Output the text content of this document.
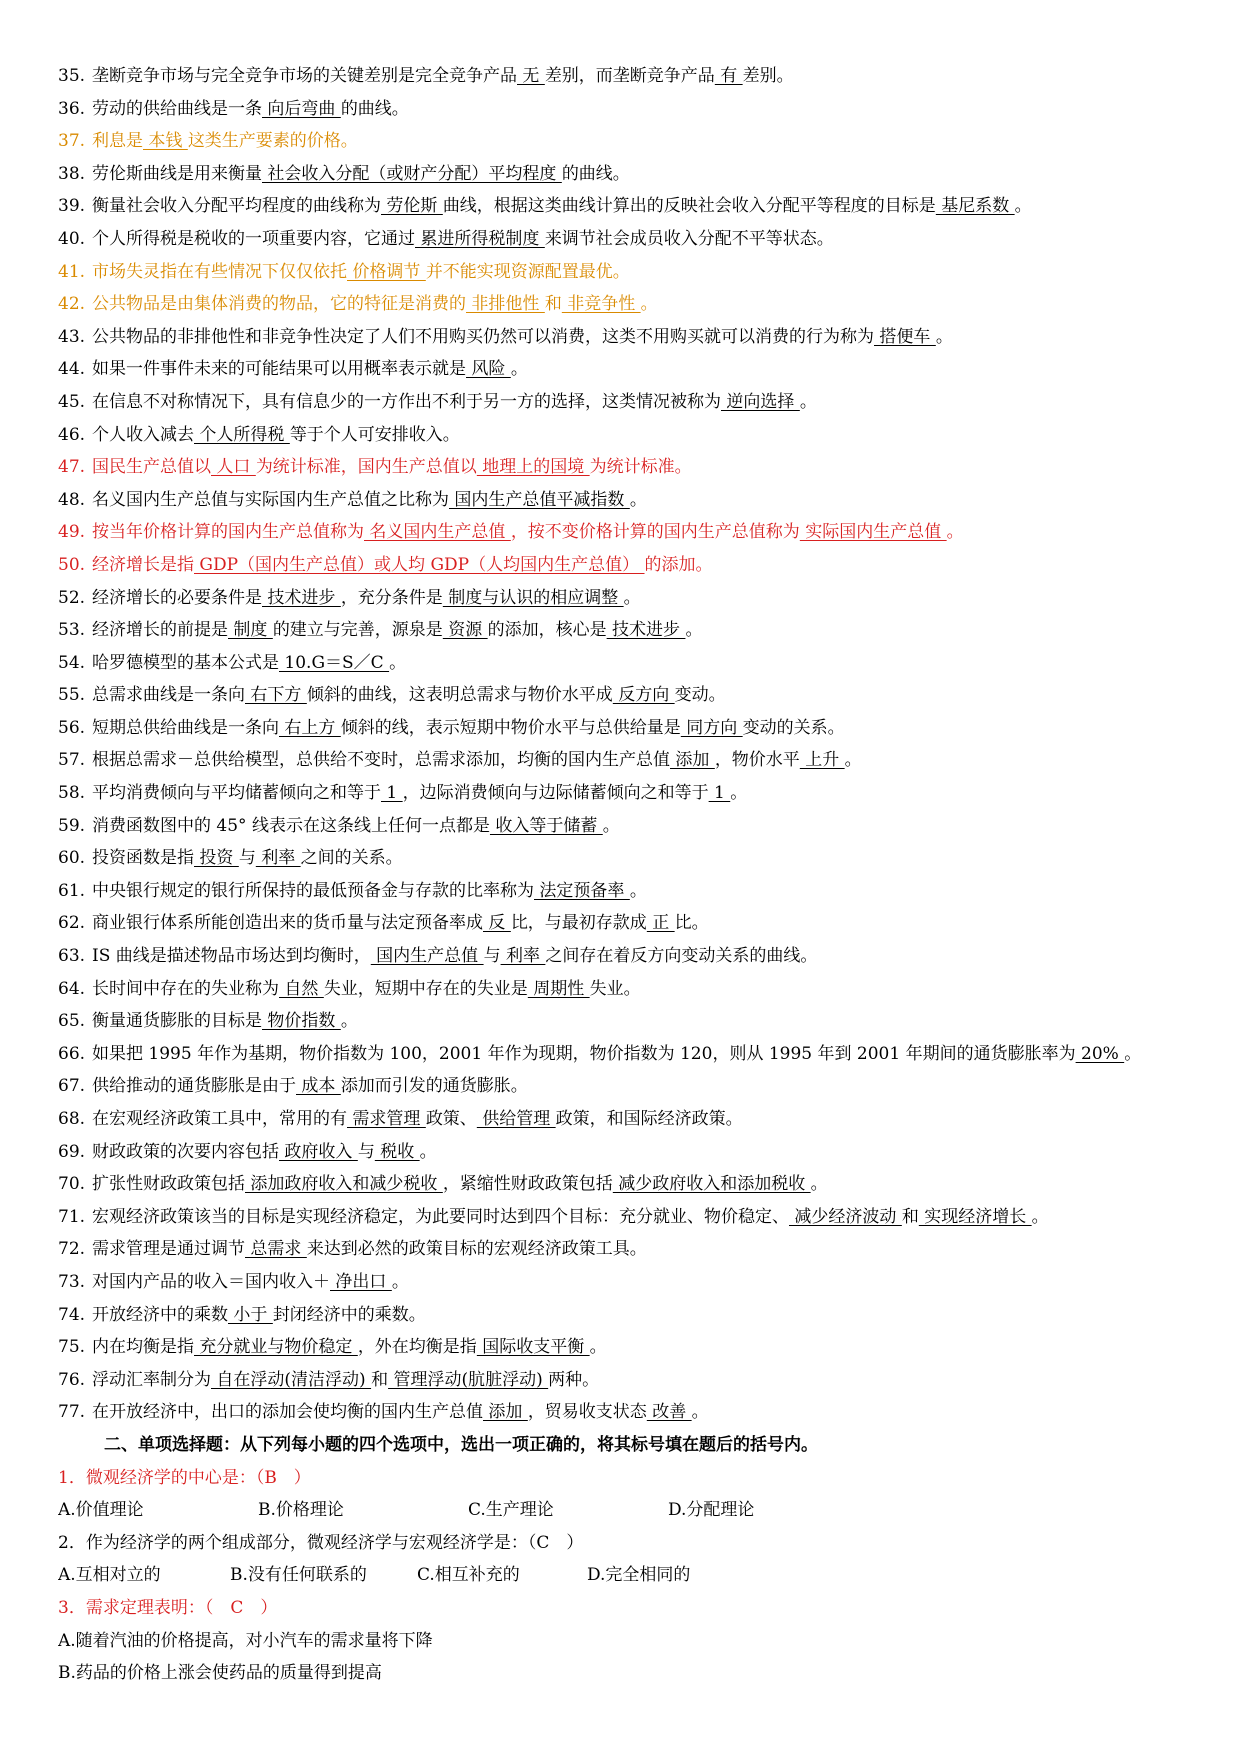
35. 垄断竞争市场与完全竞争市场的关键差别是完全竞争产品 无 差别，而垄断竞争产品 有 差别。
36. 劳动的供给曲线是一条 向后弯曲 的曲线。
37. 利息是 本钱 这类生产要素的价格。
38. 劳伦斯曲线是用来衡量 社会收入分配（或财产分配）平均程度 的曲线。
39. 衡量社会收入分配平均程度的曲线称为 劳伦斯 曲线，根据这类曲线计算出的反映社会收入分配平等程度的目标是 基尼系数 。
40. 个人所得税是税收的一项重要内容，它通过 累进所得税制度 来调节社会成员收入分配不平等状态。
41. 市场失灵指在有些情况下仅仅依托 价格调节 并不能实现资源配置最优。
42. 公共物品是由集体消费的物品，它的特征是消费的 非排他性 和 非竞争性 。
43. 公共物品的非排他性和非竞争性决定了人们不用购买仍然可以消费，这类不用购买就可以消费的行为称为 搭便车 。
44. 如果一件事件未来的可能结果可以用概率表示就是 风险 。
45. 在信息不对称情况下，具有信息少的一方作出不利于另一方的选择，这类情况被称为 逆向选择 。
46. 个人收入减去 个人所得税 等于个人可安排收入。
47. 国民生产总值以 人口 为统计标准，国内生产总值以 地理上的国境 为统计标准。
48. 名义国内生产总值与实际国内生产总值之比称为 国内生产总值平减指数 。
49. 按当年价格计算的国内生产总值称为 名义国内生产总值 ，按不变价格计算的国内生产总值称为 实际国内生产总值 。
50. 经济增长是指 GDP（国内生产总值）或人均 GDP（人均国内生产总值） 的添加。
52. 经济增长的必要条件是 技术进步 ，充分条件是 制度与认识的相应调整 。
53. 经济增长的前提是 制度 的建立与完善，源泉是 资源 的添加，核心是 技术进步 。
54. 哈罗德模型的基本公式是 10.G＝S／C 。
55. 总需求曲线是一条向 右下方 倾斜的曲线，这表明总需求与物价水平成 反方向 变动。
56. 短期总供给曲线是一条向 右上方 倾斜的线，表示短期中物价水平与总供给量是 同方向 变动的关系。
57. 根据总需求－总供给模型，总供给不变时，总需求添加，均衡的国内生产总值 添加 ，物价水平 上升 。
58. 平均消费倾向与平均储蓄倾向之和等于 1 ，边际消费倾向与边际储蓄倾向之和等于 1 。
59. 消费函数图中的 45° 线表示在这条线上任何一点都是 收入等于储蓄 。
60. 投资函数是指 投资 与 利率 之间的关系。
61. 中央银行规定的银行所保持的最低预备金与存款的比率称为 法定预备率 。
62. 商业银行体系所能创造出来的货币量与法定预备率成 反 比，与最初存款成 正 比。
63. IS 曲线是描述物品市场达到均衡时， 国内生产总值 与 利率 之间存在着反方向变动关系的曲线。
64. 长时间中存在的失业称为 自然 失业，短期中存在的失业是 周期性 失业。
65. 衡量通货膨胀的目标是 物价指数 。
66. 如果把 1995 年作为基期，物价指数为 100，2001 年作为现期，物价指数为 120，则从 1995 年到 2001 年期间的通货膨胀率为 20% 。
67. 供给推动的通货膨胀是由于 成本 添加而引发的通货膨胀。
68. 在宏观经济政策工具中，常用的有 需求管理 政策、 供给管理 政策，和国际经济政策。
69. 财政政策的次要内容包括 政府收入 与 税收 。
70. 扩张性财政政策包括 添加政府收入和减少税收 ，紧缩性财政政策包括 减少政府收入和添加税收 。
71. 宏观经济政策该当的目标是实现经济稳定，为此要同时达到四个目标：充分就业、物价稳定、 减少经济波动 和 实现经济增长 。
72. 需求管理是通过调节 总需求 来达到必然的政策目标的宏观经济政策工具。
73. 对国内产品的收入＝国内收入＋ 净出口 。
74. 开放经济中的乘数 小于 封闭经济中的乘数。
75. 内在均衡是指 充分就业与物价稳定 ，外在均衡是指 国际收支平衡 。
76. 浮动汇率制分为 自在浮动(清洁浮动) 和 管理浮动(肮脏浮动) 两种。
77. 在开放经济中，出口的添加会使均衡的国内生产总值 添加 ，贸易收支状态 改善 。
二、单项选择题：从下列每小题的四个选项中，选出一项正确的，将其标号填在题后的括号内。
1．微观经济学的中心是：（B　）
A.价值理论	B.价格理论	C.生产理论	D.分配理论
2．作为经济学的两个组成部分，微观经济学与宏观经济学是：（C　）
A.互相对立的	B.没有任何联系的	C.相互补充的	D.完全相同的
3．需求定理表明：（　C　）
A.随着汽油的价格提高，对小汽车的需求量将下降
B.药品的价格上涨会使药品的质量得到提高
